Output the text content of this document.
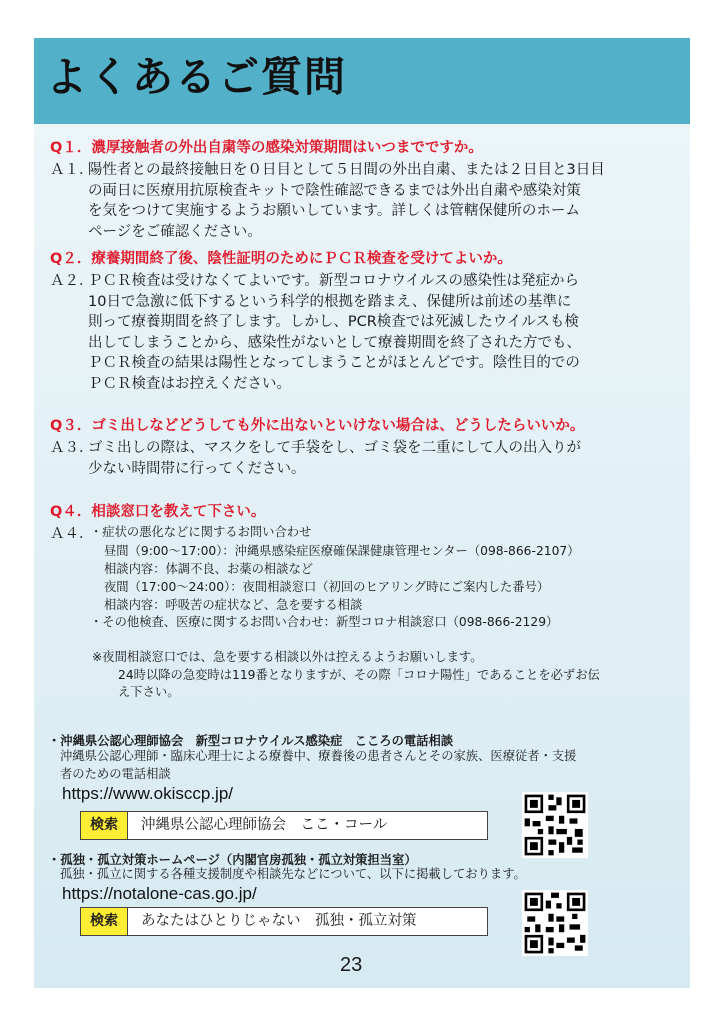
よくあるご質問
Q１．濃厚接触者の外出自粛等の感染対策期間はいつまでですか。
Ａ１．陽性者との最終接触日を０日目として５日間の外出自粛、または２日目と3日目
の両日に医療用抗原検査キットで陰性確認できるまでは外出自粛や感染対策
を気をつけて実施するようお願いしています。詳しくは管轄保健所のホーム
ページをご確認ください。
Q２．療養期間終了後、陰性証明のためにＰＣＲ検査を受けてよいか。
Ａ２．ＰＣＲ検査は受けなくてよいです。新型コロナウイルスの感染性は発症から
10日で急激に低下するという科学的根拠を踏まえ、保健所は前述の基準に
則って療養期間を終了します。しかし、PCR検査では死滅したウイルスも検
出してしまうことから、感染性がないとして療養期間を終了された方でも、
ＰＣＲ検査の結果は陽性となってしまうことがほとんどです。陰性目的での
ＰＣＲ検査はお控えください。
Q３．ゴミ出しなどどうしても外に出ないといけない場合は、どうしたらいいか。
Ａ３．ゴミ出しの際は、マスクをして手袋をし、ゴミ袋を二重にして人の出入りが
少ない時間帯に行ってください。
Q４．相談窓口を教えて下さい。
Ａ４．
・症状の悪化などに関するお問い合わせ
昼間（9:00～17:00）：沖縄県感染症医療確保課健康管理センター（098-866-2107）
相談内容：体調不良、お薬の相談など
夜間（17:00～24:00）：夜間相談窓口（初回のヒアリング時にご案内した番号）
相談内容：呼吸苦の症状など、急を要する相談
・その他検査、医療に関するお問い合わせ：新型コロナ相談窓口（098-866-2129）
※夜間相談窓口では、急を要する相談以外は控えるようお願いします。
24時以降の急変時は119番となりますが、その際「コロナ陽性」であることを必ずお伝
え下さい。
・沖縄県公認心理師協会　新型コロナウイルス感染症　こころの電話相談
沖縄県公認心理師・臨床心理士による療養中、療養後の患者さんとその家族、医療従者・支援
者のための電話相談
https://www.okisccp.jp/
検索	沖縄県公認心理師協会　ここ・コール
・孤独・孤立対策ホームページ（内閣官房孤独・孤立対策担当室）
孤独・孤立に関する各種支援制度や相談先などについて、以下に掲載しております。
https://notalone-cas.go.jp/
検索	あなたはひとりじゃない　孤独・孤立対策
23
